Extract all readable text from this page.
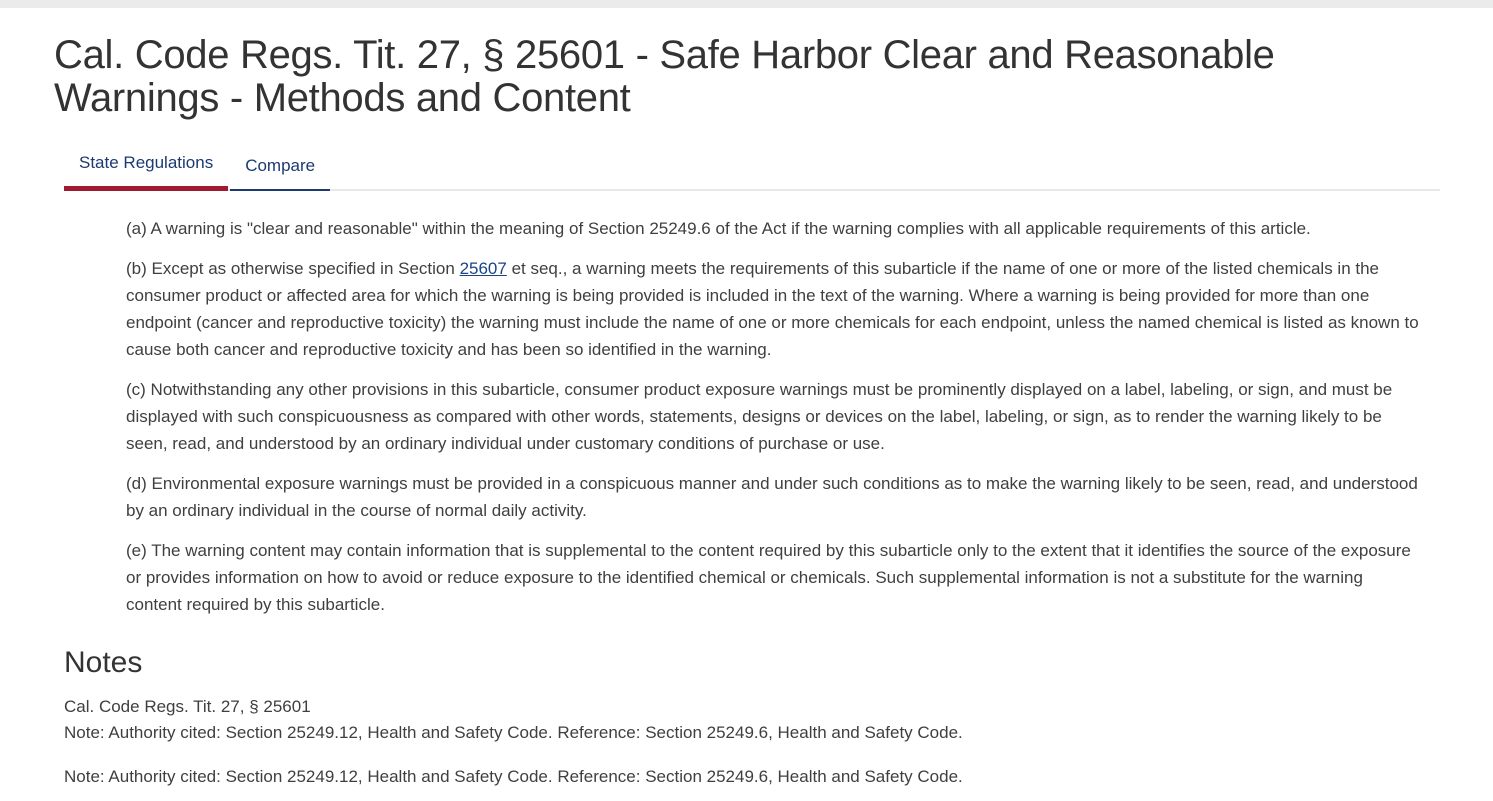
Cal. Code Regs. Tit. 27, § 25601 - Safe Harbor Clear and Reasonable Warnings - Methods and Content
State Regulations	Compare

(a) A warning is "clear and reasonable" within the meaning of Section 25249.6 of the Act if the warning complies with all applicable requirements of this article.

(b) Except as otherwise specified in Section 25607 et seq., a warning meets the requirements of this subarticle if the name of one or more of the listed chemicals in the consumer product or affected area for which the warning is being provided is included in the text of the warning. Where a warning is being provided for more than one endpoint (cancer and reproductive toxicity) the warning must include the name of one or more chemicals for each endpoint, unless the named chemical is listed as known to cause both cancer and reproductive toxicity and has been so identified in the warning.

(c) Notwithstanding any other provisions in this subarticle, consumer product exposure warnings must be prominently displayed on a label, labeling, or sign, and must be displayed with such conspicuousness as compared with other words, statements, designs or devices on the label, labeling, or sign, as to render the warning likely to be seen, read, and understood by an ordinary individual under customary conditions of purchase or use.

(d) Environmental exposure warnings must be provided in a conspicuous manner and under such conditions as to make the warning likely to be seen, read, and understood by an ordinary individual in the course of normal daily activity.

(e) The warning content may contain information that is supplemental to the content required by this subarticle only to the extent that it identifies the source of the exposure or provides information on how to avoid or reduce exposure to the identified chemical or chemicals. Such supplemental information is not a substitute for the warning content required by this subarticle.

Notes
Cal. Code Regs. Tit. 27, § 25601
Note: Authority cited: Section 25249.12, Health and Safety Code. Reference: Section 25249.6, Health and Safety Code.
Note: Authority cited: Section 25249.12, Health and Safety Code. Reference: Section 25249.6, Health and Safety Code.
